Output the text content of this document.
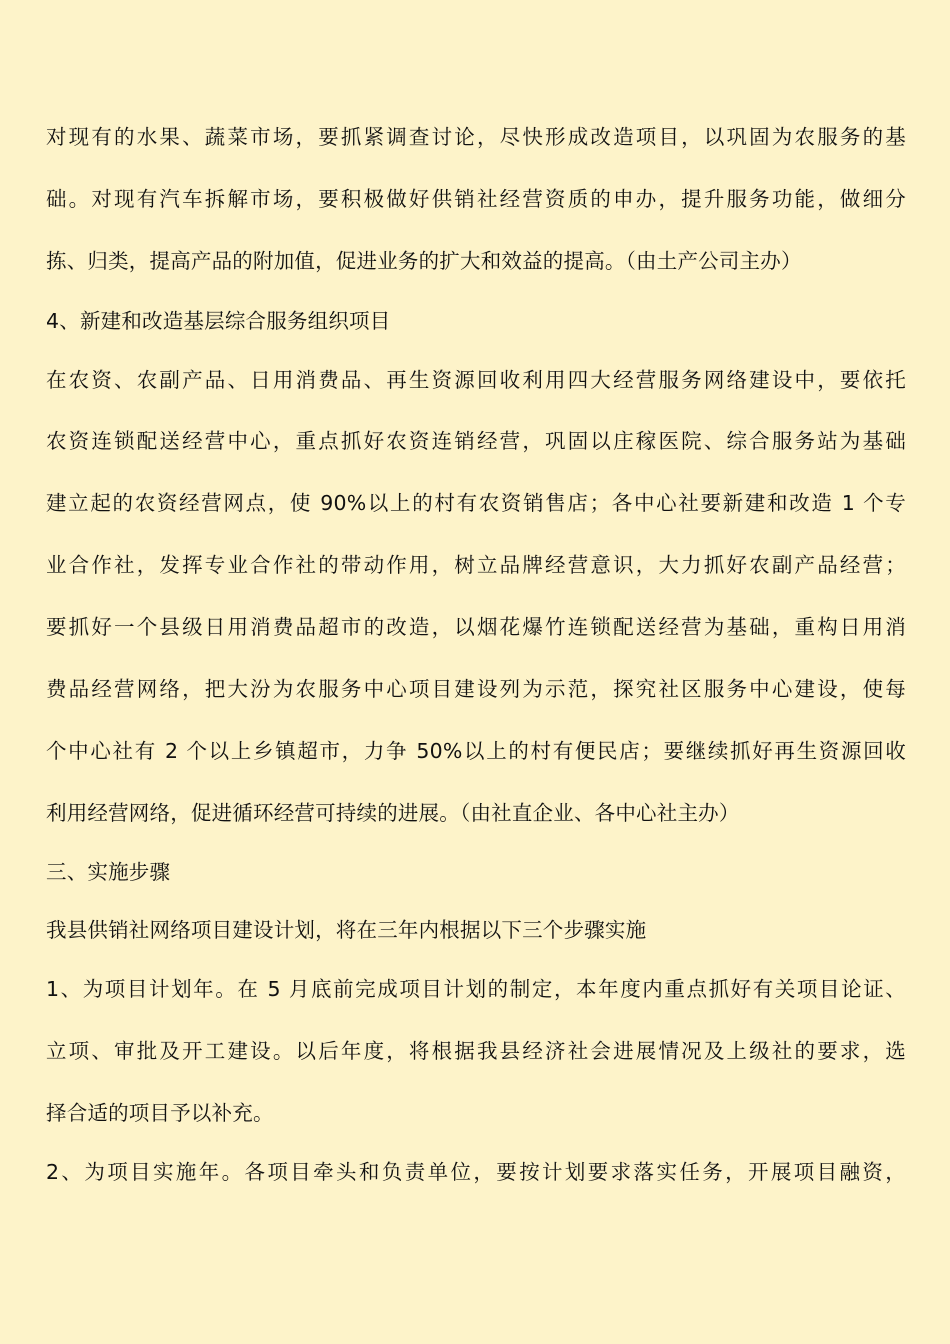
对现有的水果、蔬菜市场，要抓紧调查讨论，尽快形成改造项目，以巩固为农服务的基
础。对现有汽车拆解市场，要积极做好供销社经营资质的申办，提升服务功能，做细分
拣、归类，提高产品的附加值，促进业务的扩大和效益的提高。（由土产公司主办）
4、新建和改造基层综合服务组织项目
在农资、农副产品、日用消费品、再生资源回收利用四大经营服务网络建设中，要依托
农资连锁配送经营中心，重点抓好农资连销经营，巩固以庄稼医院、综合服务站为基础
建立起的农资经营网点，使 90%以上的村有农资销售店；各中心社要新建和改造 1 个专
业合作社，发挥专业合作社的带动作用，树立品牌经营意识，大力抓好农副产品经营；
要抓好一个县级日用消费品超市的改造，以烟花爆竹连锁配送经营为基础，重构日用消
费品经营网络，把大汾为农服务中心项目建设列为示范，探究社区服务中心建设，使每
个中心社有 2 个以上乡镇超市，力争 50%以上的村有便民店；要继续抓好再生资源回收
利用经营网络，促进循环经营可持续的进展。（由社直企业、各中心社主办）
三、实施步骤
我县供销社网络项目建设计划，将在三年内根据以下三个步骤实施
1、为项目计划年。在 5 月底前完成项目计划的制定，本年度内重点抓好有关项目论证、
立项、审批及开工建设。以后年度，将根据我县经济社会进展情况及上级社的要求，选
择合适的项目予以补充。
2、为项目实施年。各项目牵头和负责单位，要按计划要求落实任务，开展项目融资，
